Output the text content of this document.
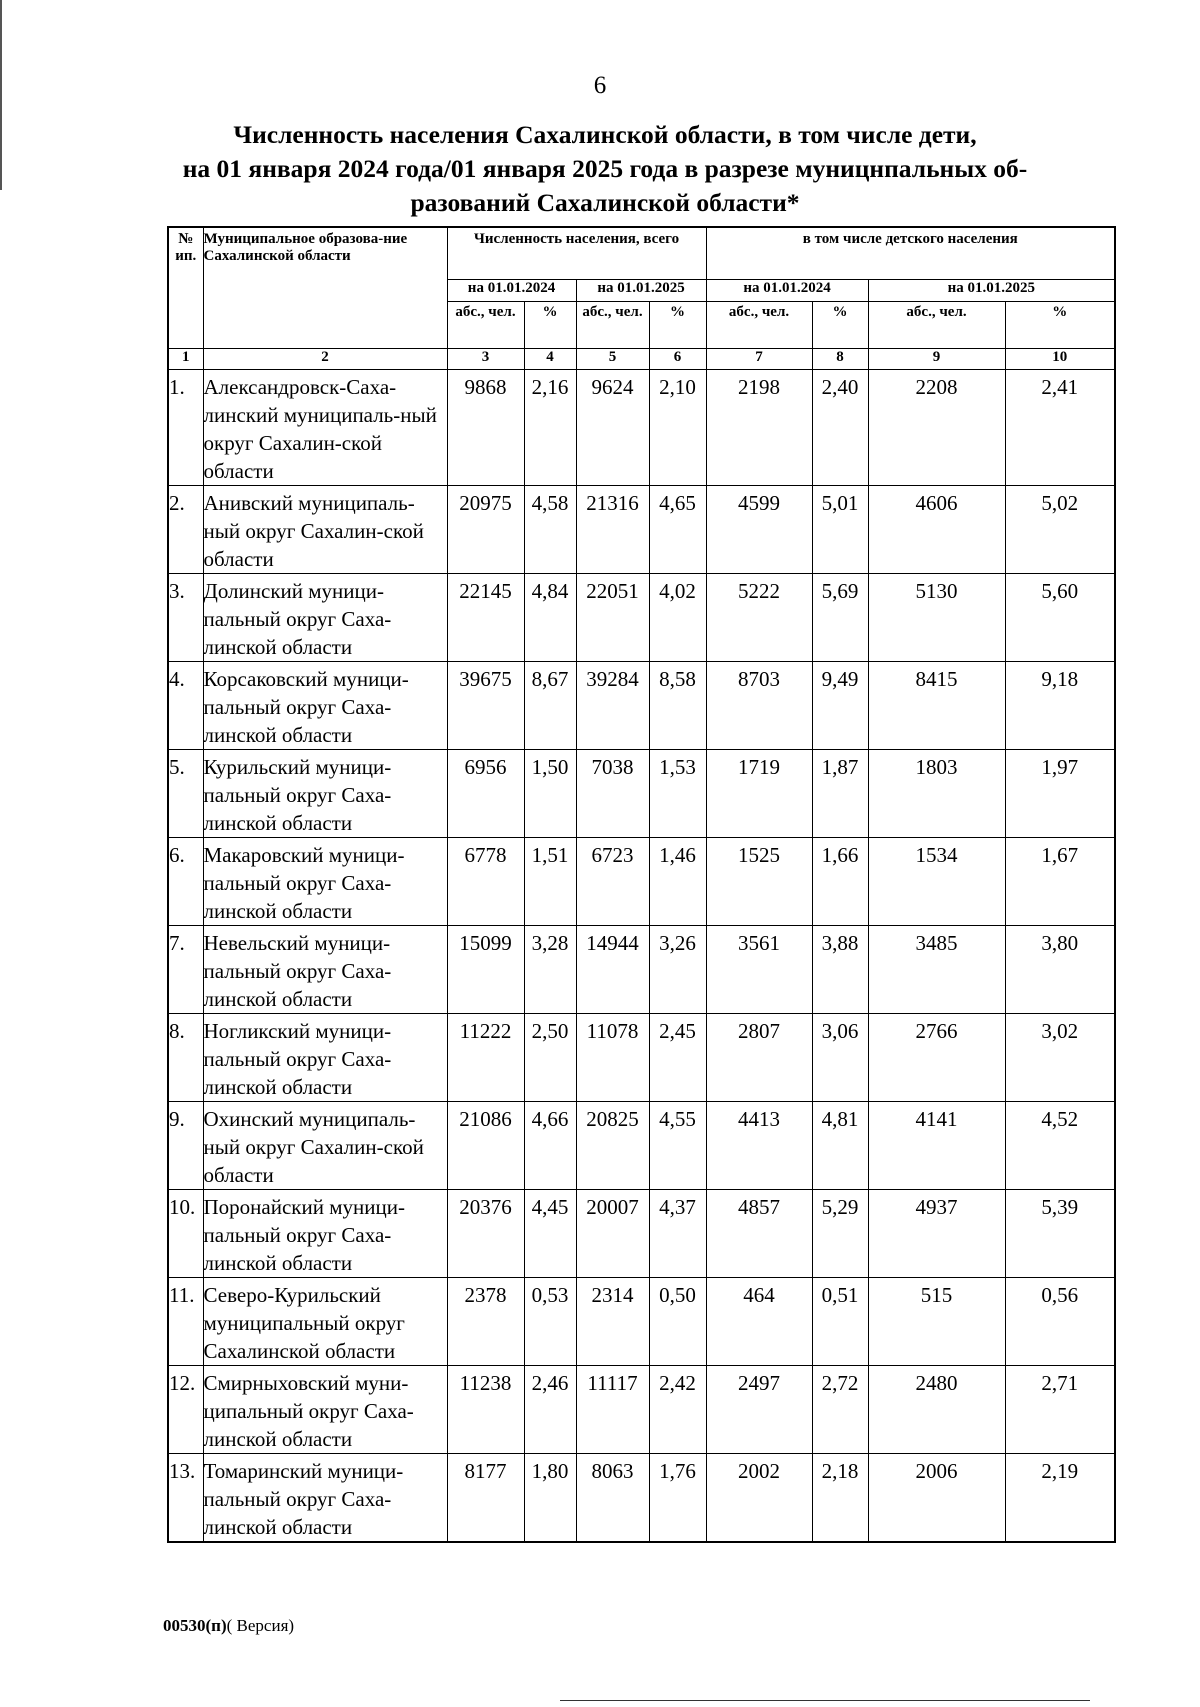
6
Численность населения Сахалинской области, в том числе дети,
на 01 января 2024 года/01 января 2025 года в разрезе муницнпальных об-
разований Сахалинской области*
№ ип.	Муниципальное образова-ние Сахалинской области	Численность населения, всего				в том числе детского населения			
		на 01.01.2024		на 01.01.2025		на 01.01.2024		на 01.01.2025	
		абс., чел.	%	абс., чел.	%	абс., чел.	%	абс., чел.	%
1	2	3	4	5	6	7	8	9	10
1.	Александровск-Саха-линский муниципаль-ный округ Сахалин-ской области	9868	2,16	9624	2,10	2198	2,40	2208	2,41
2.	Анивский муниципаль-ный округ Сахалин-ской области	20975	4,58	21316	4,65	4599	5,01	4606	5,02
3.	Долинский муници-пальный округ Саха-линской области	22145	4,84	22051	4,02	5222	5,69	5130	5,60
4.	Корсаковский муници-пальный округ Саха-линской области	39675	8,67	39284	8,58	8703	9,49	8415	9,18
5.	Курильский муници-пальный округ Саха-линской области	6956	1,50	7038	1,53	1719	1,87	1803	1,97
6.	Макаровский муници-пальный округ Саха-линской области	6778	1,51	6723	1,46	1525	1,66	1534	1,67
7.	Невельский муници-пальный округ Саха-линской области	15099	3,28	14944	3,26	3561	3,88	3485	3,80
8.	Ногликский муници-пальный округ Саха-линской области	11222	2,50	11078	2,45	2807	3,06	2766	3,02
9.	Охинский муниципаль-ный округ Сахалин-ской области	21086	4,66	20825	4,55	4413	4,81	4141	4,52
10.	Поронайский муници-пальный округ Саха-линской области	20376	4,45	20007	4,37	4857	5,29	4937	5,39
11.	Северо-Курильский муниципальный округ Сахалинской области	2378	0,53	2314	0,50	464	0,51	515	0,56
12.	Смирныховский муни-ципальный округ Саха-линской области	11238	2,46	11117	2,42	2497	2,72	2480	2,71
13.	Томаринский муници-пальный округ Саха-линской области	8177	1,80	8063	1,76	2002	2,18	2006	2,19
00530(п)( Версия)
